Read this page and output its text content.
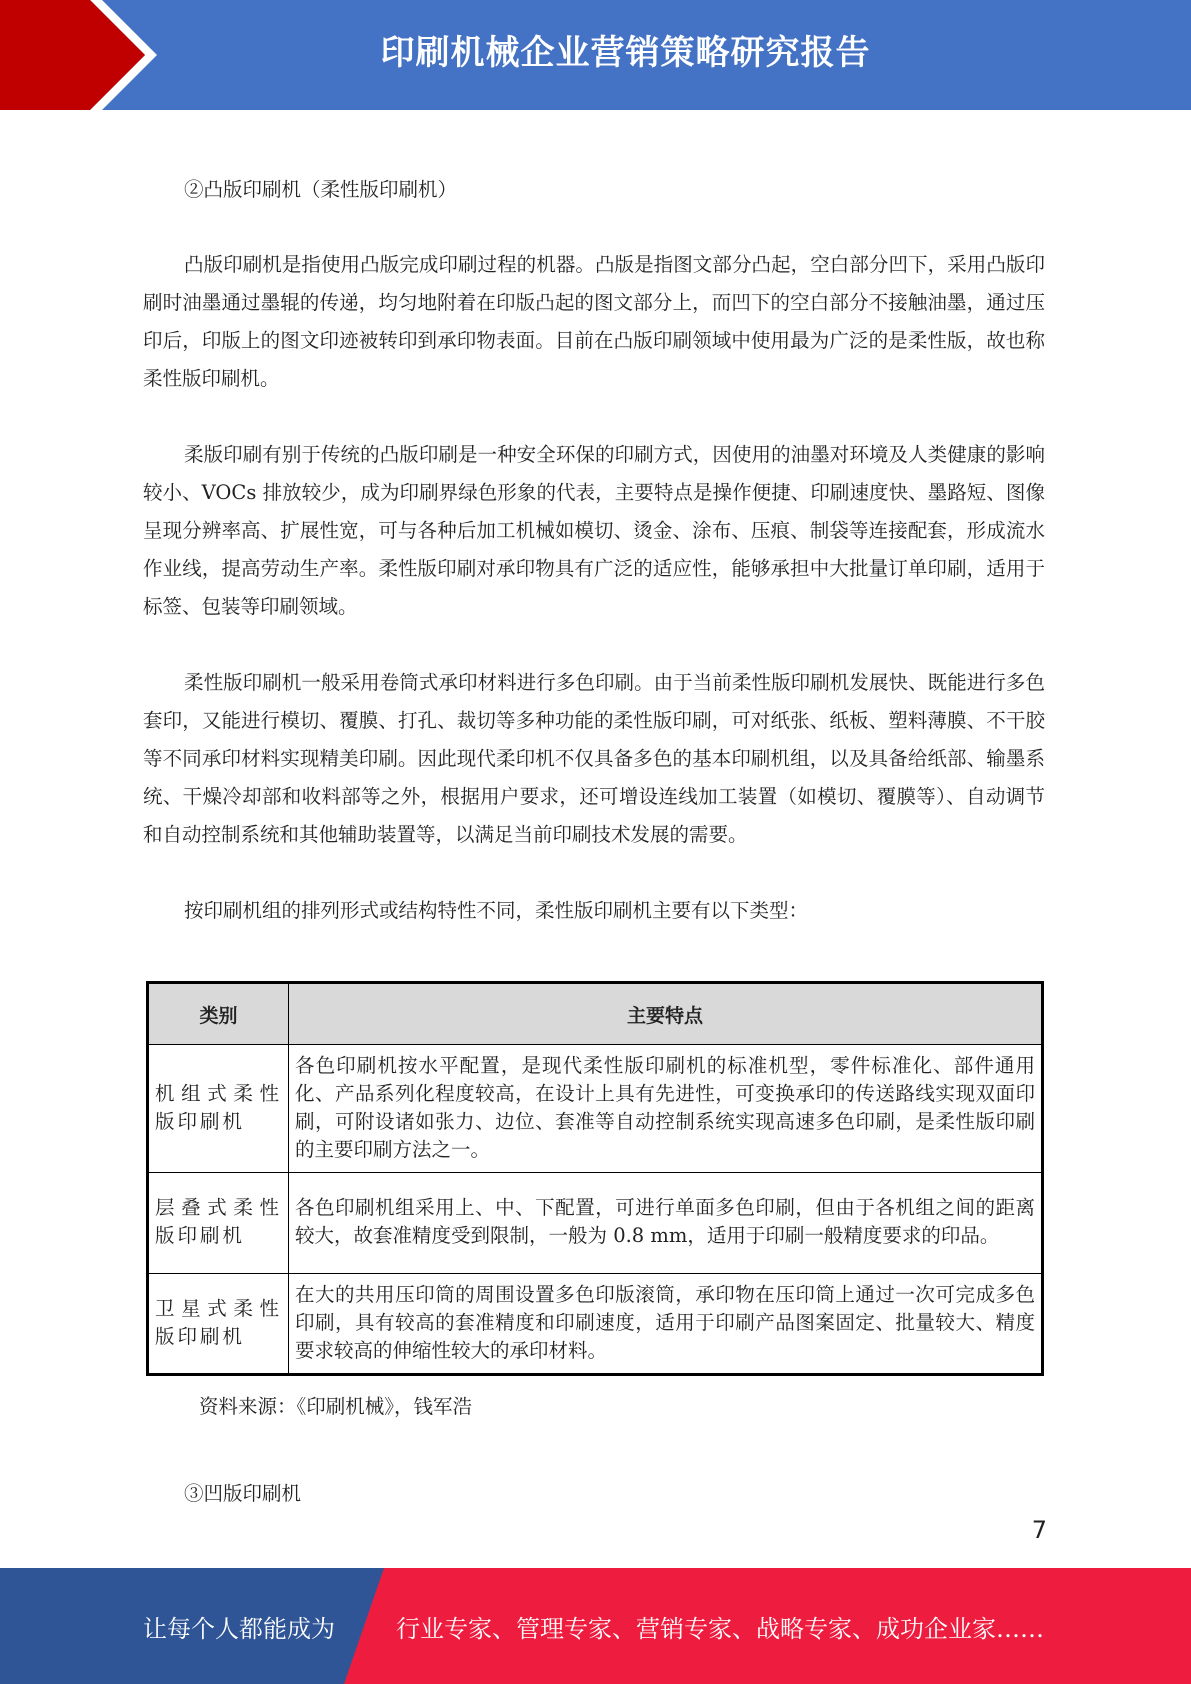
印刷机械企业营销策略研究报告
②凸版印刷机（柔性版印刷机）
凸版印刷机是指使用凸版完成印刷过程的机器。凸版是指图文部分凸起，空白部分凹下，采用凸版印刷时油墨通过墨辊的传递，均匀地附着在印版凸起的图文部分上，而凹下的空白部分不接触油墨，通过压印后，印版上的图文印迹被转印到承印物表面。目前在凸版印刷领域中使用最为广泛的是柔性版，故也称柔性版印刷机。
柔版印刷有别于传统的凸版印刷是一种安全环保的印刷方式，因使用的油墨对环境及人类健康的影响较小、VOCs 排放较少，成为印刷界绿色形象的代表，主要特点是操作便捷、印刷速度快、墨路短、图像呈现分辨率高、扩展性宽，可与各种后加工机械如模切、烫金、涂布、压痕、制袋等连接配套，形成流水作业线，提高劳动生产率。柔性版印刷对承印物具有广泛的适应性，能够承担中大批量订单印刷，适用于标签、包装等印刷领域。
柔性版印刷机一般采用卷筒式承印材料进行多色印刷。由于当前柔性版印刷机发展快、既能进行多色套印，又能进行模切、覆膜、打孔、裁切等多种功能的柔性版印刷，可对纸张、纸板、塑料薄膜、不干胶等不同承印材料实现精美印刷。因此现代柔印机不仅具备多色的基本印刷机组，以及具备给纸部、输墨系统、干燥冷却部和收料部等之外，根据用户要求，还可增设连线加工装置（如模切、覆膜等）、自动调节和自动控制系统和其他辅助装置等，以满足当前印刷技术发展的需要。
按印刷机组的排列形式或结构特性不同，柔性版印刷机主要有以下类型：
类别	主要特点
机组式柔性版印刷机	各色印刷机按水平配置，是现代柔性版印刷机的标准机型，零件标准化、部件通用化、产品系列化程度较高，在设计上具有先进性，可变换承印的传送路线实现双面印刷，可附设诸如张力、边位、套准等自动控制系统实现高速多色印刷，是柔性版印刷的主要印刷方法之一。
层叠式柔性版印刷机	各色印刷机组采用上、中、下配置，可进行单面多色印刷，但由于各机组之间的距离较大，故套准精度受到限制，一般为 0.8 mm，适用于印刷一般精度要求的印品。
卫星式柔性版印刷机	在大的共用压印筒的周围设置多色印版滚筒，承印物在压印筒上通过一次可完成多色印刷，具有较高的套准精度和印刷速度，适用于印刷产品图案固定、批量较大、精度要求较高的伸缩性较大的承印材料。
资料来源：《印刷机械》，钱军浩
③凹版印刷机
7
让每个人都能成为	行业专家、管理专家、营销专家、战略专家、成功企业家……
